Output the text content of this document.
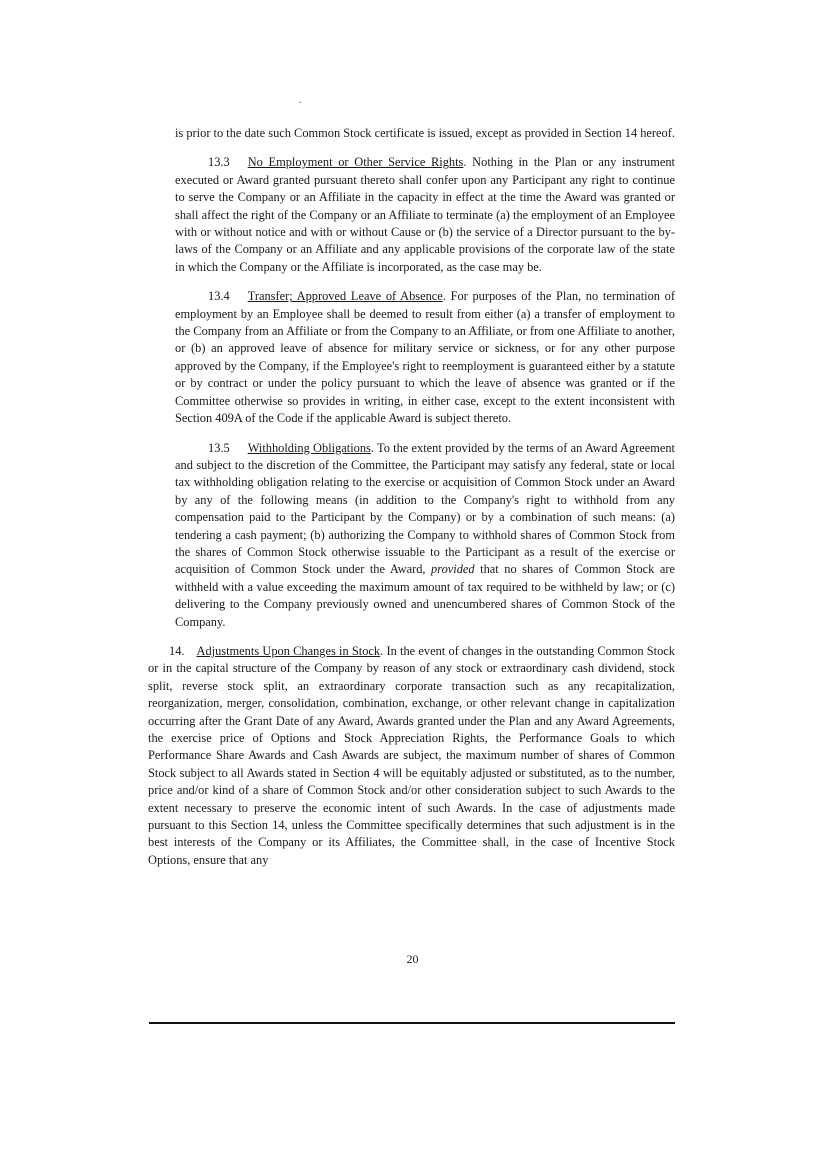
.

is prior to the date such Common Stock certificate is issued, except as provided in Section 14 hereof.

13.3 No Employment or Other Service Rights. Nothing in the Plan or any instrument executed or Award granted pursuant thereto shall confer upon any Participant any right to continue to serve the Company or an Affiliate in the capacity in effect at the time the Award was granted or shall affect the right of the Company or an Affiliate to terminate (a) the employment of an Employee with or without notice and with or without Cause or (b) the service of a Director pursuant to the by-laws of the Company or an Affiliate and any applicable provisions of the corporate law of the state in which the Company or the Affiliate is incorporated, as the case may be.

13.4 Transfer; Approved Leave of Absence. For purposes of the Plan, no termination of employment by an Employee shall be deemed to result from either (a) a transfer of employment to the Company from an Affiliate or from the Company to an Affiliate, or from one Affiliate to another, or (b) an approved leave of absence for military service or sickness, or for any other purpose approved by the Company, if the Employee's right to reemployment is guaranteed either by a statute or by contract or under the policy pursuant to which the leave of absence was granted or if the Committee otherwise so provides in writing, in either case, except to the extent inconsistent with Section 409A of the Code if the applicable Award is subject thereto.

13.5 Withholding Obligations. To the extent provided by the terms of an Award Agreement and subject to the discretion of the Committee, the Participant may satisfy any federal, state or local tax withholding obligation relating to the exercise or acquisition of Common Stock under an Award by any of the following means (in addition to the Company's right to withhold from any compensation paid to the Participant by the Company) or by a combination of such means: (a) tendering a cash payment; (b) authorizing the Company to withhold shares of Common Stock from the shares of Common Stock otherwise issuable to the Participant as a result of the exercise or acquisition of Common Stock under the Award, provided that no shares of Common Stock are withheld with a value exceeding the maximum amount of tax required to be withheld by law; or (c) delivering to the Company previously owned and unencumbered shares of Common Stock of the Company.

14. Adjustments Upon Changes in Stock. In the event of changes in the outstanding Common Stock or in the capital structure of the Company by reason of any stock or extraordinary cash dividend, stock split, reverse stock split, an extraordinary corporate transaction such as any recapitalization, reorganization, merger, consolidation, combination, exchange, or other relevant change in capitalization occurring after the Grant Date of any Award, Awards granted under the Plan and any Award Agreements, the exercise price of Options and Stock Appreciation Rights, the Performance Goals to which Performance Share Awards and Cash Awards are subject, the maximum number of shares of Common Stock subject to all Awards stated in Section 4 will be equitably adjusted or substituted, as to the number, price and/or kind of a share of Common Stock and/or other consideration subject to such Awards to the extent necessary to preserve the economic intent of such Awards. In the case of adjustments made pursuant to this Section 14, unless the Committee specifically determines that such adjustment is in the best interests of the Company or its Affiliates, the Committee shall, in the case of Incentive Stock Options, ensure that any

20
